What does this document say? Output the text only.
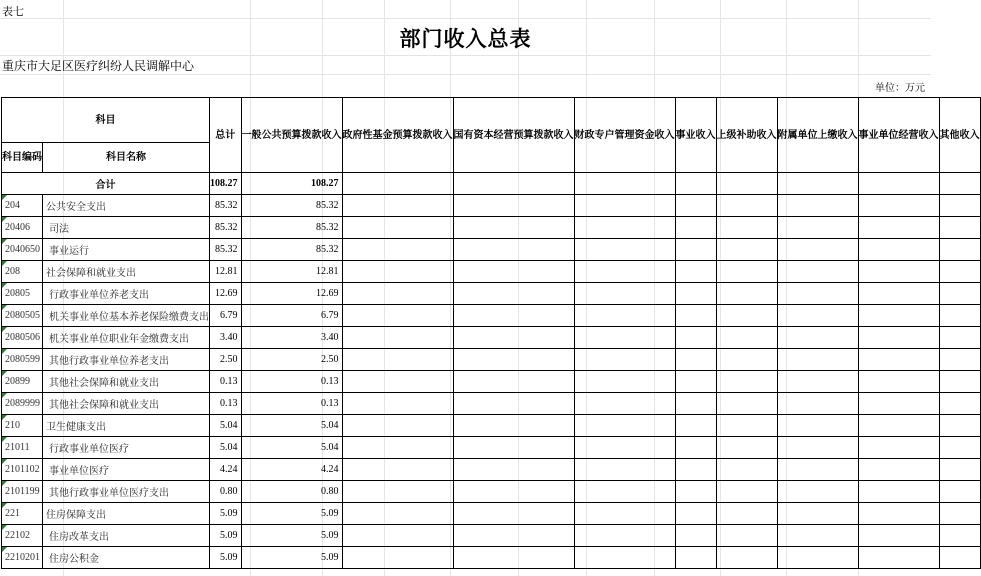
表七
部门收入总表
重庆市大足区医疗纠纷人民调解中心
单位：万元
科目		总计	一般公共预算拨款收入	政府性基金预算拨款收入	国有资本经营预算拨款收入	财政专户管理资金收入	事业收入	上级补助收入	附属单位上缴收入	事业单位经营收入	其他收入
科目编码	科目名称										
合计		108.27	108.27								
204	公共安全支出	85.32	85.32								
20406	司法	85.32	85.32								
2040650	事业运行	85.32	85.32								
208	社会保障和就业支出	12.81	12.81								
20805	行政事业单位养老支出	12.69	12.69								
2080505	机关事业单位基本养老保险缴费支出	6.79	6.79								
2080506	机关事业单位职业年金缴费支出	3.40	3.40								
2080599	其他行政事业单位养老支出	2.50	2.50								
20899	其他社会保障和就业支出	0.13	0.13								
2089999	其他社会保障和就业支出	0.13	0.13								
210	卫生健康支出	5.04	5.04								
21011	行政事业单位医疗	5.04	5.04								
2101102	事业单位医疗	4.24	4.24								
2101199	其他行政事业单位医疗支出	0.80	0.80								
221	住房保障支出	5.09	5.09								
22102	住房改革支出	5.09	5.09								
2210201	住房公积金	5.09	5.09								
